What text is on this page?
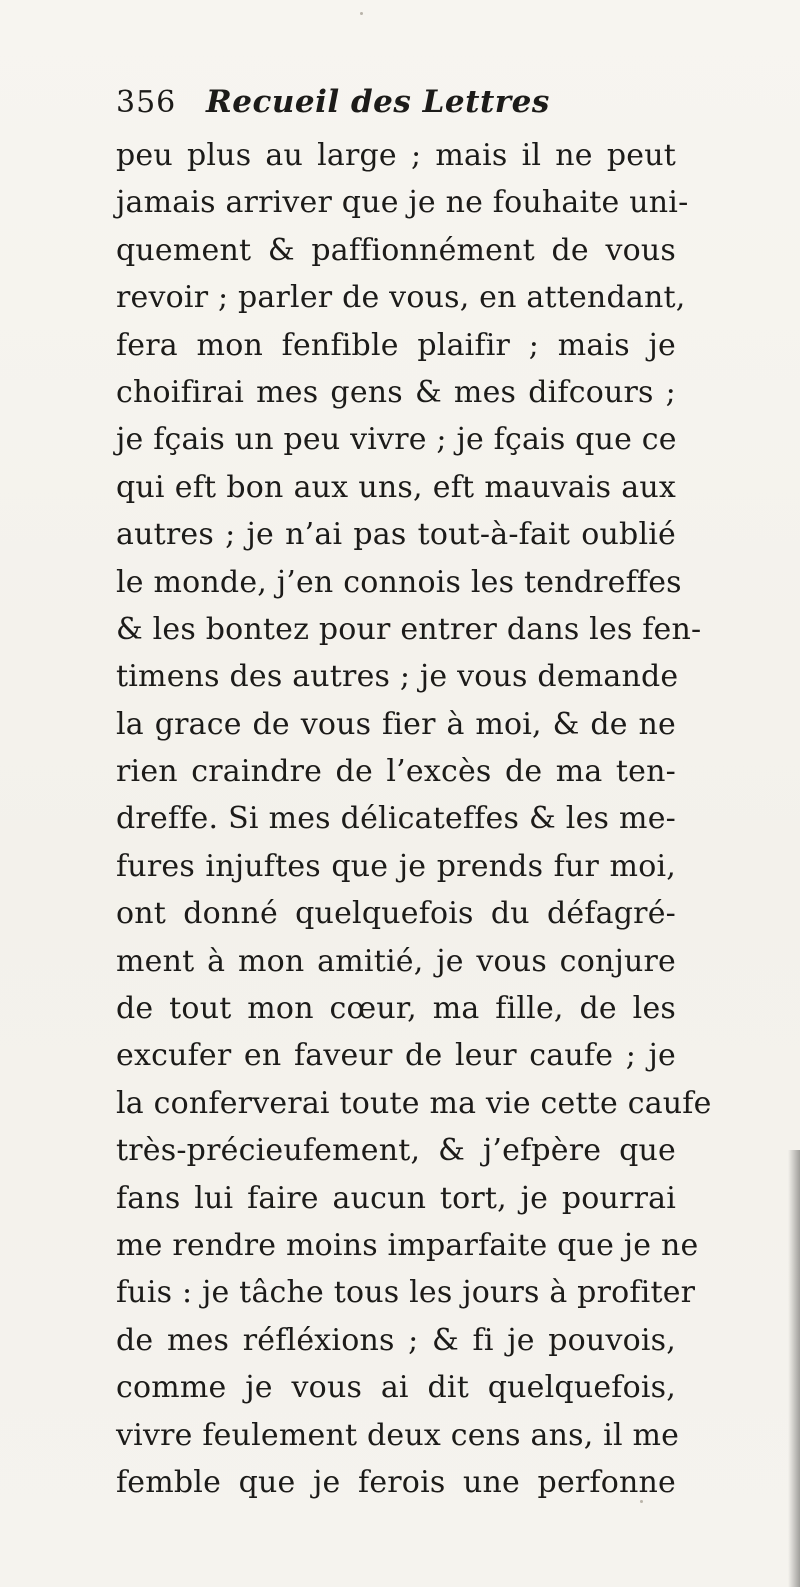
356 Recueil des Lettres
peu plus au large ; mais il ne peut
jamais arriver que je ne fouhaite uni-
quement & paffionnément de vous
revoir ; parler de vous, en attendant,
fera mon fenfible plaifir ; mais je
choifirai mes gens & mes difcours ;
je fçais un peu vivre ; je fçais que ce
qui eft bon aux uns, eft mauvais aux
autres ; je n’ai pas tout-à-fait oublié
le monde, j’en connois les tendreffes
& les bontez pour entrer dans les fen-
timens des autres ; je vous demande
la grace de vous fier à moi, & de ne
rien craindre de l’excès de ma ten-
dreffe. Si mes délicateffes & les me-
fures injuftes que je prends fur moi,
ont donné quelquefois du défagré-
ment à mon amitié, je vous conjure
de tout mon cœur, ma fille, de les
excufer en faveur de leur caufe ; je
la conferverai toute ma vie cette caufe
très-précieufement, & j’efpère que
fans lui faire aucun tort, je pourrai
me rendre moins imparfaite que je ne
fuis : je tâche tous les jours à profiter
de mes réfléxions ; & fi je pouvois,
comme je vous ai dit quelquefois,
vivre feulement deux cens ans, il me
femble que je ferois une perfonne
